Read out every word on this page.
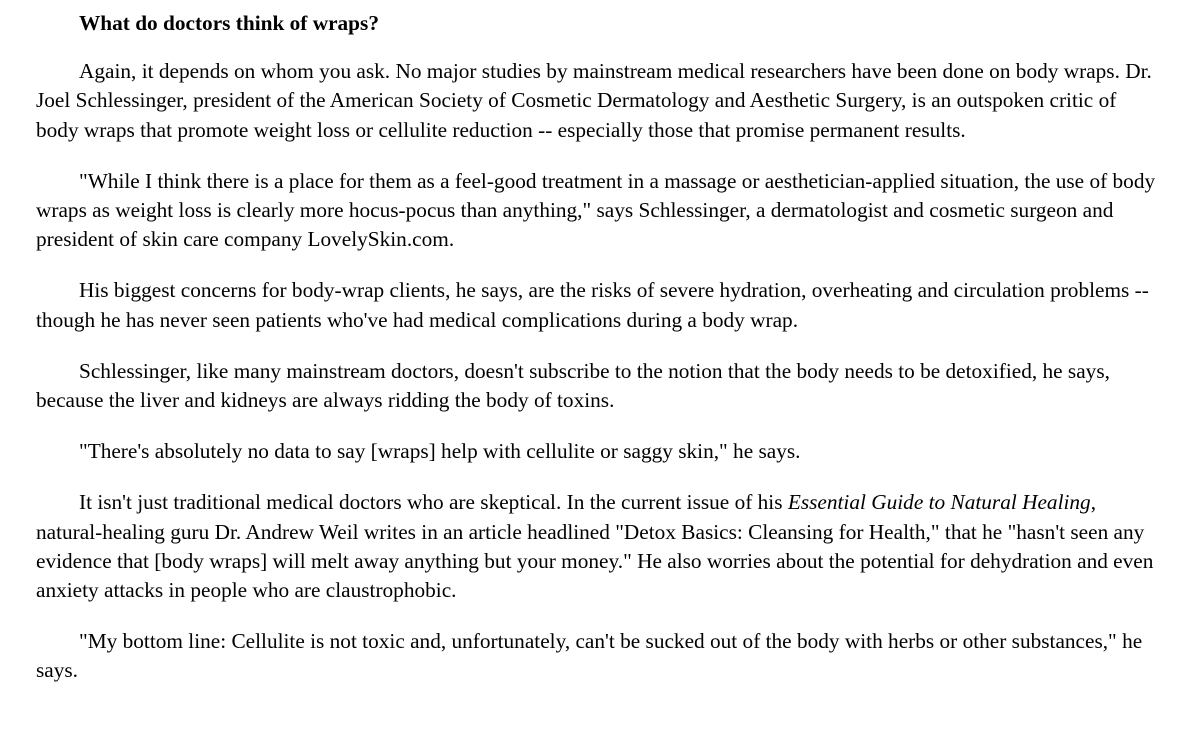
What do doctors think of wraps?

Again, it depends on whom you ask. No major studies by mainstream medical researchers have been done on body wraps. Dr. Joel Schlessinger, president of the American Society of Cosmetic Dermatology and Aesthetic Surgery, is an outspoken critic of body wraps that promote weight loss or cellulite reduction -- especially those that promise permanent results.

"While I think there is a place for them as a feel-good treatment in a massage or aesthetician-applied situation, the use of body wraps as weight loss is clearly more hocus-pocus than anything," says Schlessinger, a dermatologist and cosmetic surgeon and president of skin care company LovelySkin.com.

His biggest concerns for body-wrap clients, he says, are the risks of severe hydration, overheating and circulation problems -- though he has never seen patients who've had medical complications during a body wrap.

Schlessinger, like many mainstream doctors, doesn't subscribe to the notion that the body needs to be detoxified, he says, because the liver and kidneys are always ridding the body of toxins.

"There's absolutely no data to say [wraps] help with cellulite or saggy skin," he says.

It isn't just traditional medical doctors who are skeptical. In the current issue of his Essential Guide to Natural Healing, natural-healing guru Dr. Andrew Weil writes in an article headlined "Detox Basics: Cleansing for Health," that he "hasn't seen any evidence that [body wraps] will melt away anything but your money." He also worries about the potential for dehydration and even anxiety attacks in people who are claustrophobic.

"My bottom line: Cellulite is not toxic and, unfortunately, can't be sucked out of the body with herbs or other substances," he says.
